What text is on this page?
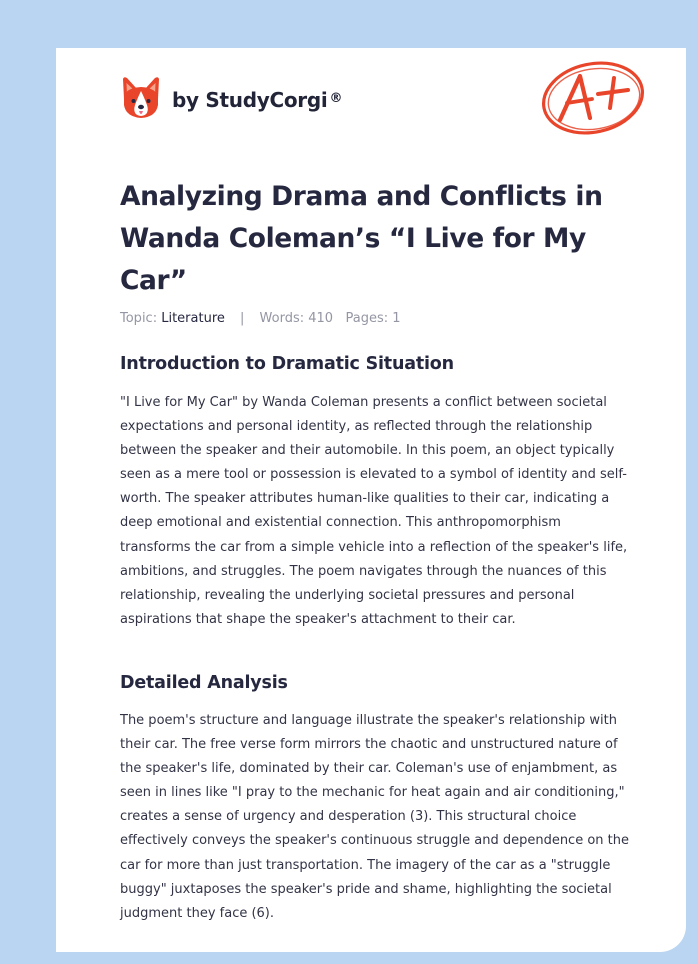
by StudyCorgi ®
Analyzing Drama and Conflicts in Wanda Coleman’s “I Live for My Car”
Topic: Literature | Words: 410 Pages: 1
Introduction to Dramatic Situation

"I Live for My Car" by Wanda Coleman presents a conflict between societal expectations and personal identity, as reflected through the relationship between the speaker and their automobile. In this poem, an object typically seen as a mere tool or possession is elevated to a symbol of identity and self-worth. The speaker attributes human-like qualities to their car, indicating a deep emotional and existential connection. This anthropomorphism transforms the car from a simple vehicle into a reflection of the speaker's life, ambitions, and struggles. The poem navigates through the nuances of this relationship, revealing the underlying societal pressures and personal aspirations that shape the speaker's attachment to their car.

Detailed Analysis

The poem's structure and language illustrate the speaker's relationship with their car. The free verse form mirrors the chaotic and unstructured nature of the speaker's life, dominated by their car. Coleman's use of enjambment, as seen in lines like "I pray to the mechanic for heat again and air conditioning," creates a sense of urgency and desperation (3). This structural choice effectively conveys the speaker's continuous struggle and dependence on the car for more than just transportation. The imagery of the car as a "struggle buggy" juxtaposes the speaker's pride and shame, highlighting the societal judgment they face (6).
